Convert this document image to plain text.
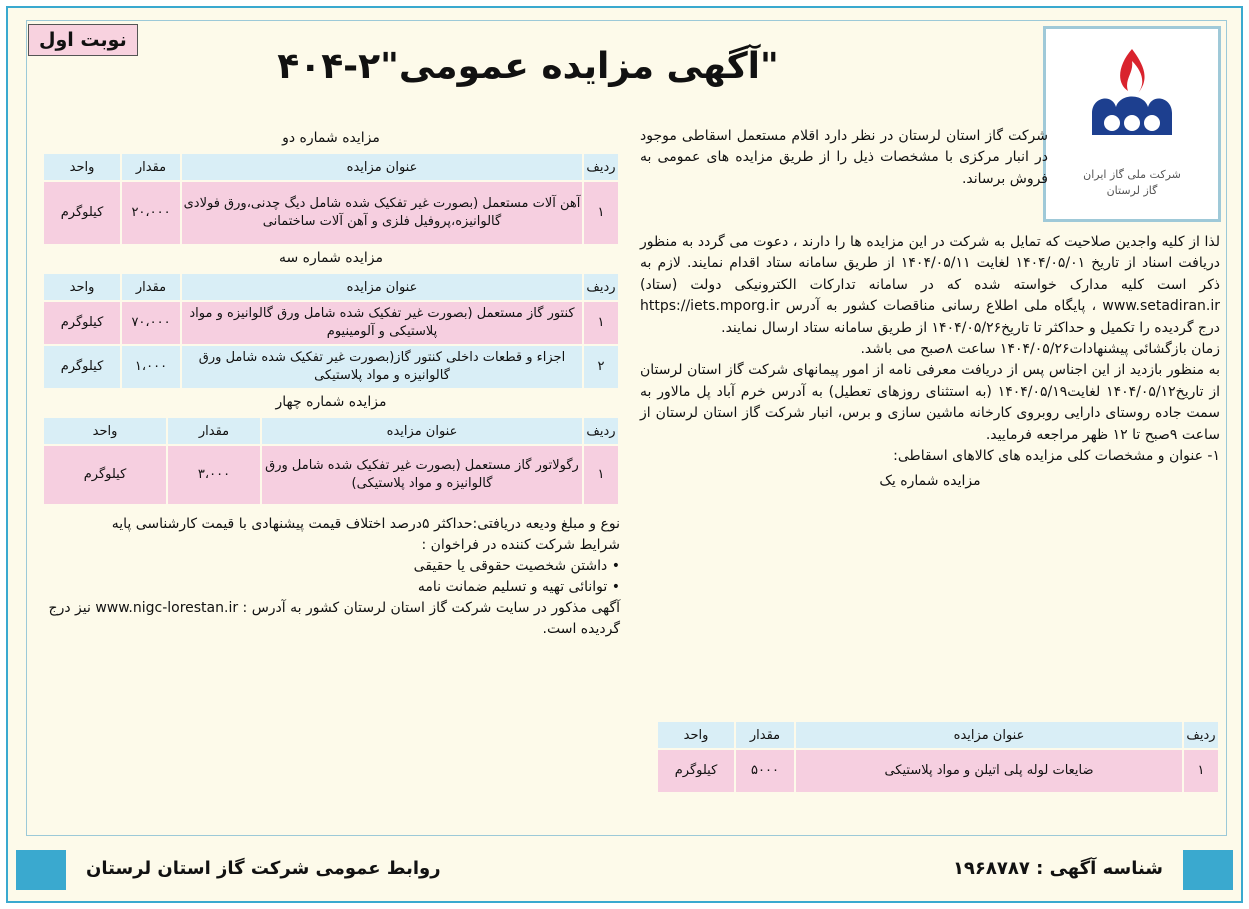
نوبت اول
شرکت ملی گاز ایران
گاز لرستان
"آگهی مزایده عمومی"۲-۴۰۴
شرکت گاز استان لرستان در نظر دارد اقلام مستعمل اسقاطی موجود در انبار مرکزی با مشخصات ذیل را از طریق مزایده های عمومی به فروش برساند.
لذا از کلیه واجدین صلاحیت که تمایل به شرکت در این مزایده ها را دارند ، دعوت می گردد به منظور دریافت اسناد از تاریخ ۱۴۰۴/۰۵/۰۱ لغایت ۱۴۰۴/۰۵/۱۱ از طریق سامانه ستاد اقدام نمایند. لازم به ذکر است کلیه مدارک خواسته شده که در سامانه تدارکات الکترونیکی دولت (ستاد) www.setadiran.ir ، پایگاه ملی اطلاع رسانی مناقصات کشور به آدرس https://iets.mporg.ir درج گردیده را تکمیل و حداکثر تا تاریخ۱۴۰۴/۰۵/۲۶ از طریق سامانه ستاد ارسال نمایند.
زمان بازگشائی پیشنهادات۱۴۰۴/۰۵/۲۶ ساعت ۸صبح می باشد.
به منظور بازدید از این اجناس پس از دریافت معرفی نامه از امور پیمانهای شرکت گاز استان لرستان از تاریخ۱۴۰۴/۰۵/۱۲ لغایت۱۴۰۴/۰۵/۱۹ (به استثنای روزهای تعطیل) به آدرس خرم آباد پل مالاور به سمت جاده روستای دارایی روبروی کارخانه ماشین سازی و برس، انبار شرکت گاز استان لرستان از ساعت ۹صبح تا ۱۲ ظهر مراجعه فرمایید.
۱- عنوان و مشخصات کلی مزایده های کالاهای اسقاطی:
مزایده شماره یک
ردیف	عنوان مزایده	مقدار	واحد
۱	ضایعات لوله پلی اتیلن و مواد پلاستیکی	۵۰۰۰	کیلوگرم
مزایده شماره دو
ردیف	عنوان مزایده	مقدار	واحد
۱	آهن آلات مستعمل (بصورت غیر تفکیک شده شامل دیگ چدنی،ورق فولادی گالوانیزه،پروفیل فلزی و آهن آلات ساختمانی	۲۰،۰۰۰	کیلوگرم
مزایده شماره سه
ردیف	عنوان مزایده	مقدار	واحد
۱	کنتور گاز مستعمل (بصورت غیر تفکیک شده شامل ورق گالوانیزه و مواد پلاستیکی و آلومینیوم	۷۰،۰۰۰	کیلوگرم
۲	اجزاء و قطعات داخلی کنتور گاز(بصورت غیر تفکیک شده شامل ورق گالوانیزه و مواد پلاستیکی	۱،۰۰۰	کیلوگرم
مزایده شماره چهار
ردیف	عنوان مزایده	مقدار	واحد
۱	رگولاتور گاز مستعمل (بصورت غیر تفکیک شده شامل ورق گالوانیزه و مواد پلاستیکی)	۳،۰۰۰	کیلوگرم
نوع و مبلغ ودیعه دریافتی:حداکثر ۵درصد اختلاف قیمت پیشنهادی با قیمت کارشناسی پایه
شرایط شرکت کننده در فراخوان :
• داشتن شخصیت حقوقی یا حقیقی
• توانائی تهیه و تسلیم ضمانت نامه
آگهی مذکور در سایت شرکت گاز استان لرستان کشور به آدرس : www.nigc-lorestan.ir نیز درج گردیده است.
روابط عمومی شرکت گاز استان لرستان	شناسه آگهی : ۱۹۶۸۷۸۷
